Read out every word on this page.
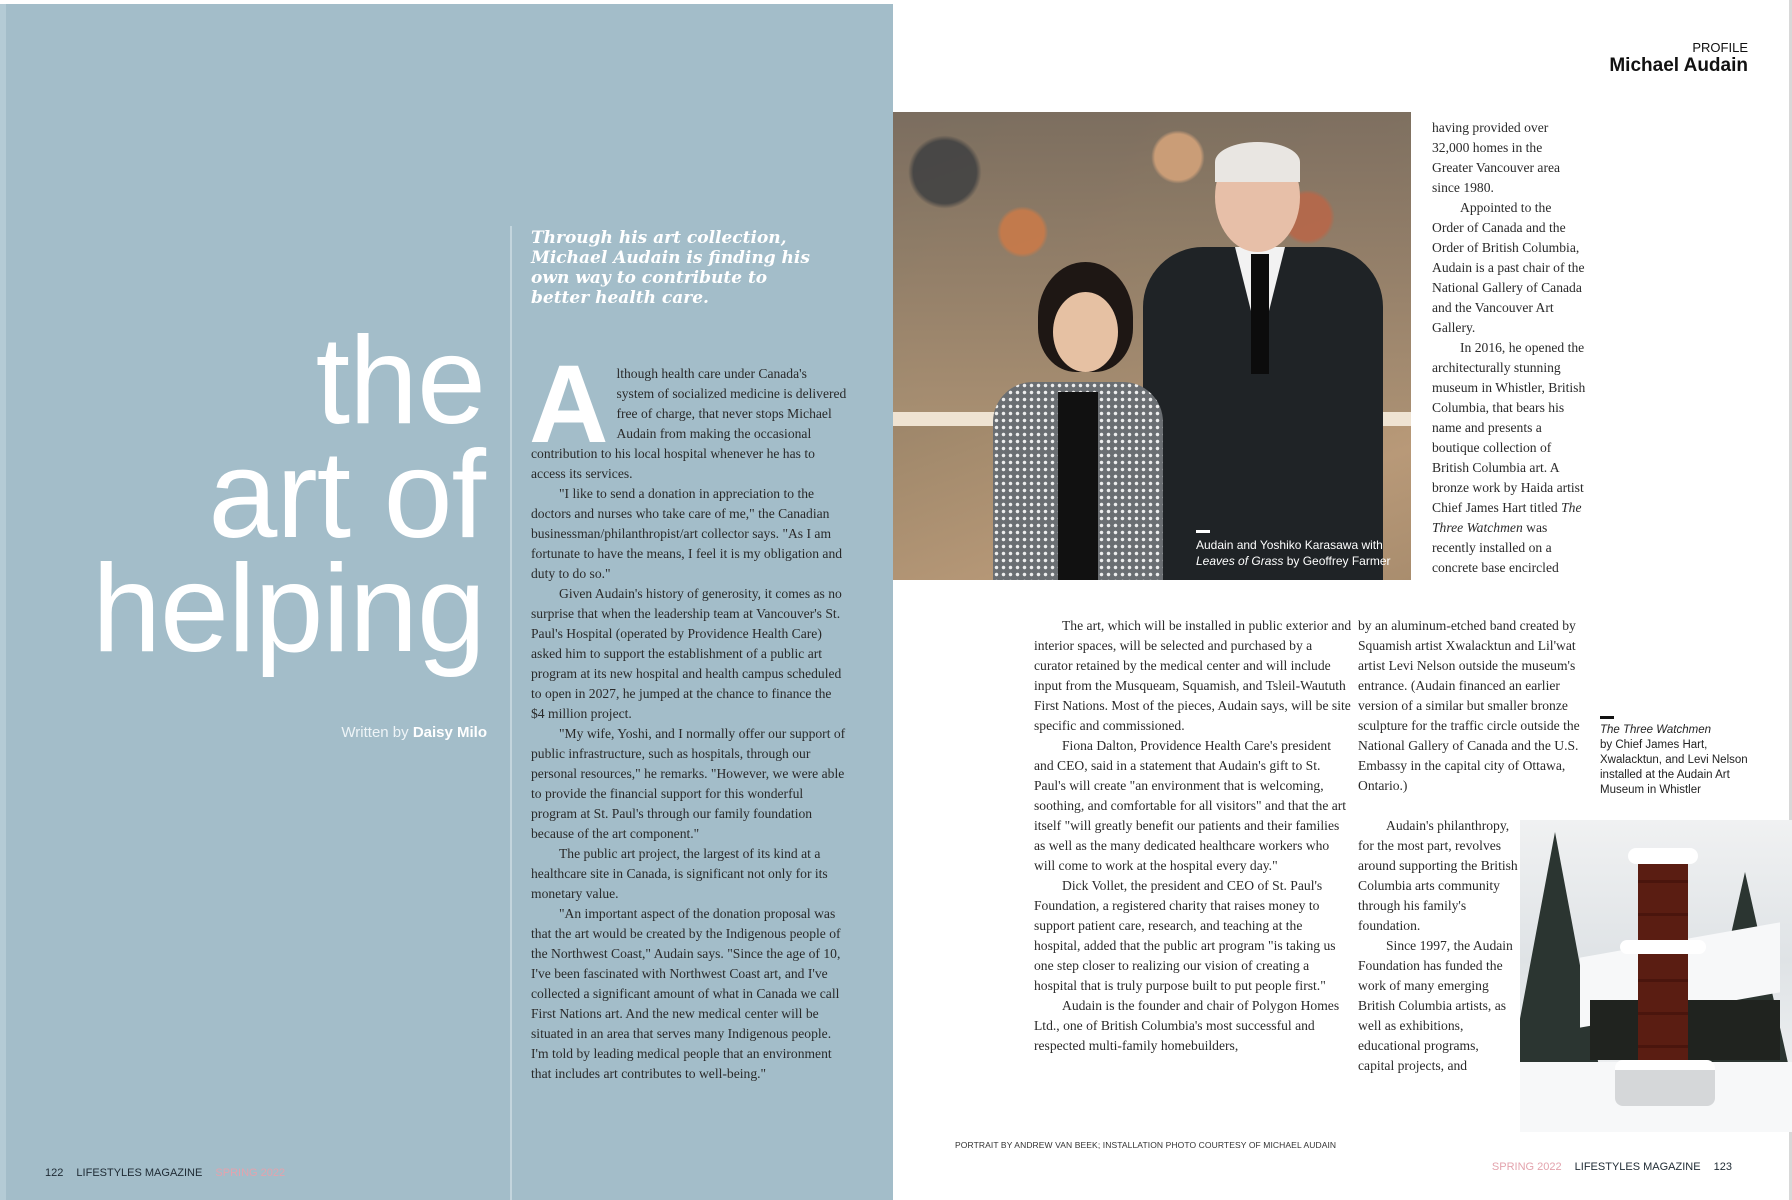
the
art of
helping
Written by Daisy Milo
122 LIFESTYLES MAGAZINE SPRING 2022
Through his art collection, Michael Audain is finding his own way to contribute to better health care.

Although health care under Canada's system of socialized medicine is delivered free of charge, that never stops Michael Audain from making the occasional contribution to his local hospital whenever he has to access its services.

"I like to send a donation in appreciation to the doctors and nurses who take care of me," the Canadian businessman/philanthropist/art collector says. "As I am fortunate to have the means, I feel it is my obligation and duty to do so."

Given Audain's history of generosity, it comes as no surprise that when the leadership team at Vancouver's St. Paul's Hospital (operated by Providence Health Care) asked him to support the establishment of a public art program at its new hospital and health campus scheduled to open in 2027, he jumped at the chance to finance the $4 million project.

"My wife, Yoshi, and I normally offer our support of public infrastructure, such as hospitals, through our personal resources," he remarks. "However, we were able to provide the financial support for this wonderful program at St. Paul's through our family foundation because of the art component."

The public art project, the largest of its kind at a healthcare site in Canada, is significant not only for its monetary value.

"An important aspect of the donation proposal was that the art would be created by the Indigenous people of the Northwest Coast," Audain says. "Since the age of 10, I've been fascinated with Northwest Coast art, and I've collected a significant amount of what in Canada we call First Nations art. And the new medical center will be situated in an area that serves many Indigenous people. I'm told by leading medical people that an environment that includes art contributes to well-being."

PROFILE
Michael Audain
Audain and Yoshiko Karasawa with
Leaves of Grass by Geoffrey Farmer

having provided over 32,000 homes in the Greater Vancouver area since 1980.

Appointed to the Order of Canada and the Order of British Columbia, Audain is a past chair of the National Gallery of Canada and the Vancouver Art Gallery.

In 2016, he opened the architecturally stunning museum in Whistler, British Columbia, that bears his name and presents a boutique collection of British Columbia art. A bronze work by Haida artist Chief James Hart titled The Three Watchmen was recently installed on a concrete base encircled

The art, which will be installed in public exterior and interior spaces, will be selected and purchased by a curator retained by the medical center and will include input from the Musqueam, Squamish, and Tsleil-Waututh First Nations. Most of the pieces, Audain says, will be site specific and commissioned.

Fiona Dalton, Providence Health Care's president and CEO, said in a statement that Audain's gift to St. Paul's will create "an environment that is welcoming, soothing, and comfortable for all visitors" and that the art itself "will greatly benefit our patients and their families as well as the many dedicated healthcare workers who will come to work at the hospital every day."

Dick Vollet, the president and CEO of St. Paul's Foundation, a registered charity that raises money to support patient care, research, and teaching at the hospital, added that the public art program "is taking us one step closer to realizing our vision of creating a hospital that is truly purpose built to put people first."

Audain is the founder and chair of Polygon Homes Ltd., one of British Columbia's most successful and respected multi-family homebuilders,

by an aluminum-etched band created by Squamish artist Xwalacktun and Lil'wat artist Levi Nelson outside the museum's entrance. (Audain financed an earlier version of a similar but smaller bronze sculpture for the traffic circle outside the National Gallery of Canada and the U.S. Embassy in the capital city of Ottawa, Ontario.)

Audain's philanthropy, for the most part, revolves around supporting the British Columbia arts community through his family's foundation.

Since 1997, the Audain Foundation has funded the work of many emerging British Columbia artists, as well as exhibitions, educational programs, capital projects, and

The Three Watchmen
by Chief James Hart, Xwalacktun, and Levi Nelson installed at the Audain Art Museum in Whistler
PORTRAIT BY ANDREW VAN BEEK; INSTALLATION PHOTO COURTESY OF MICHAEL AUDAIN
SPRING 2022 LIFESTYLES MAGAZINE 123
